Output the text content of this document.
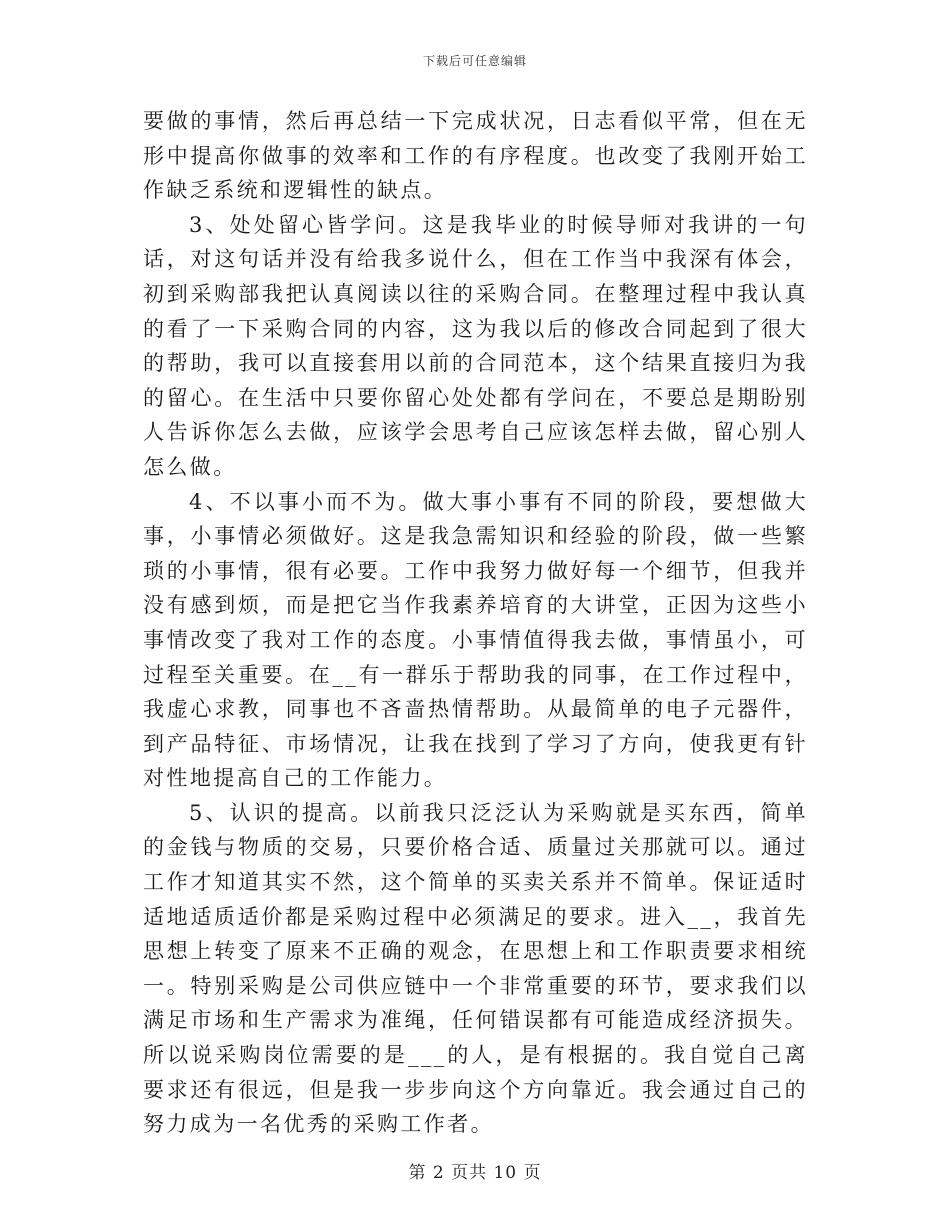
下载后可任意编辑

要做的事情，然后再总结一下完成状况，日志看似平常，但在无形中提高你做事的效率和工作的有序程度。也改变了我刚开始工作缺乏系统和逻辑性的缺点。

3、处处留心皆学问。这是我毕业的时候导师对我讲的一句话，对这句话并没有给我多说什么，但在工作当中我深有体会，初到采购部我把认真阅读以往的采购合同。在整理过程中我认真的看了一下采购合同的内容，这为我以后的修改合同起到了很大的帮助，我可以直接套用以前的合同范本，这个结果直接归为我的留心。在生活中只要你留心处处都有学问在，不要总是期盼别人告诉你怎么去做，应该学会思考自己应该怎样去做，留心别人怎么做。

4、不以事小而不为。做大事小事有不同的阶段，要想做大事，小事情必须做好。这是我急需知识和经验的阶段，做一些繁琐的小事情，很有必要。工作中我努力做好每一个细节，但我并没有感到烦，而是把它当作我素养培育的大讲堂，正因为这些小事情改变了我对工作的态度。小事情值得我去做，事情虽小，可过程至关重要。在__有一群乐于帮助我的同事，在工作过程中，我虚心求教，同事也不吝啬热情帮助。从最简单的电子元器件，到产品特征、市场情况，让我在找到了学习了方向，使我更有针对性地提高自己的工作能力。

5、认识的提高。以前我只泛泛认为采购就是买东西，简单的金钱与物质的交易，只要价格合适、质量过关那就可以。通过工作才知道其实不然，这个简单的买卖关系并不简单。保证适时适地适质适价都是采购过程中必须满足的要求。进入__，我首先思想上转变了原来不正确的观念，在思想上和工作职责要求相统一。特别采购是公司供应链中一个非常重要的环节，要求我们以满足市场和生产需求为准绳，任何错误都有可能造成经济损失。所以说采购岗位需要的是___的人，是有根据的。我自觉自己离要求还有很远，但是我一步步向这个方向靠近。我会通过自己的努力成为一名优秀的采购工作者。

第 2 页共 10 页
